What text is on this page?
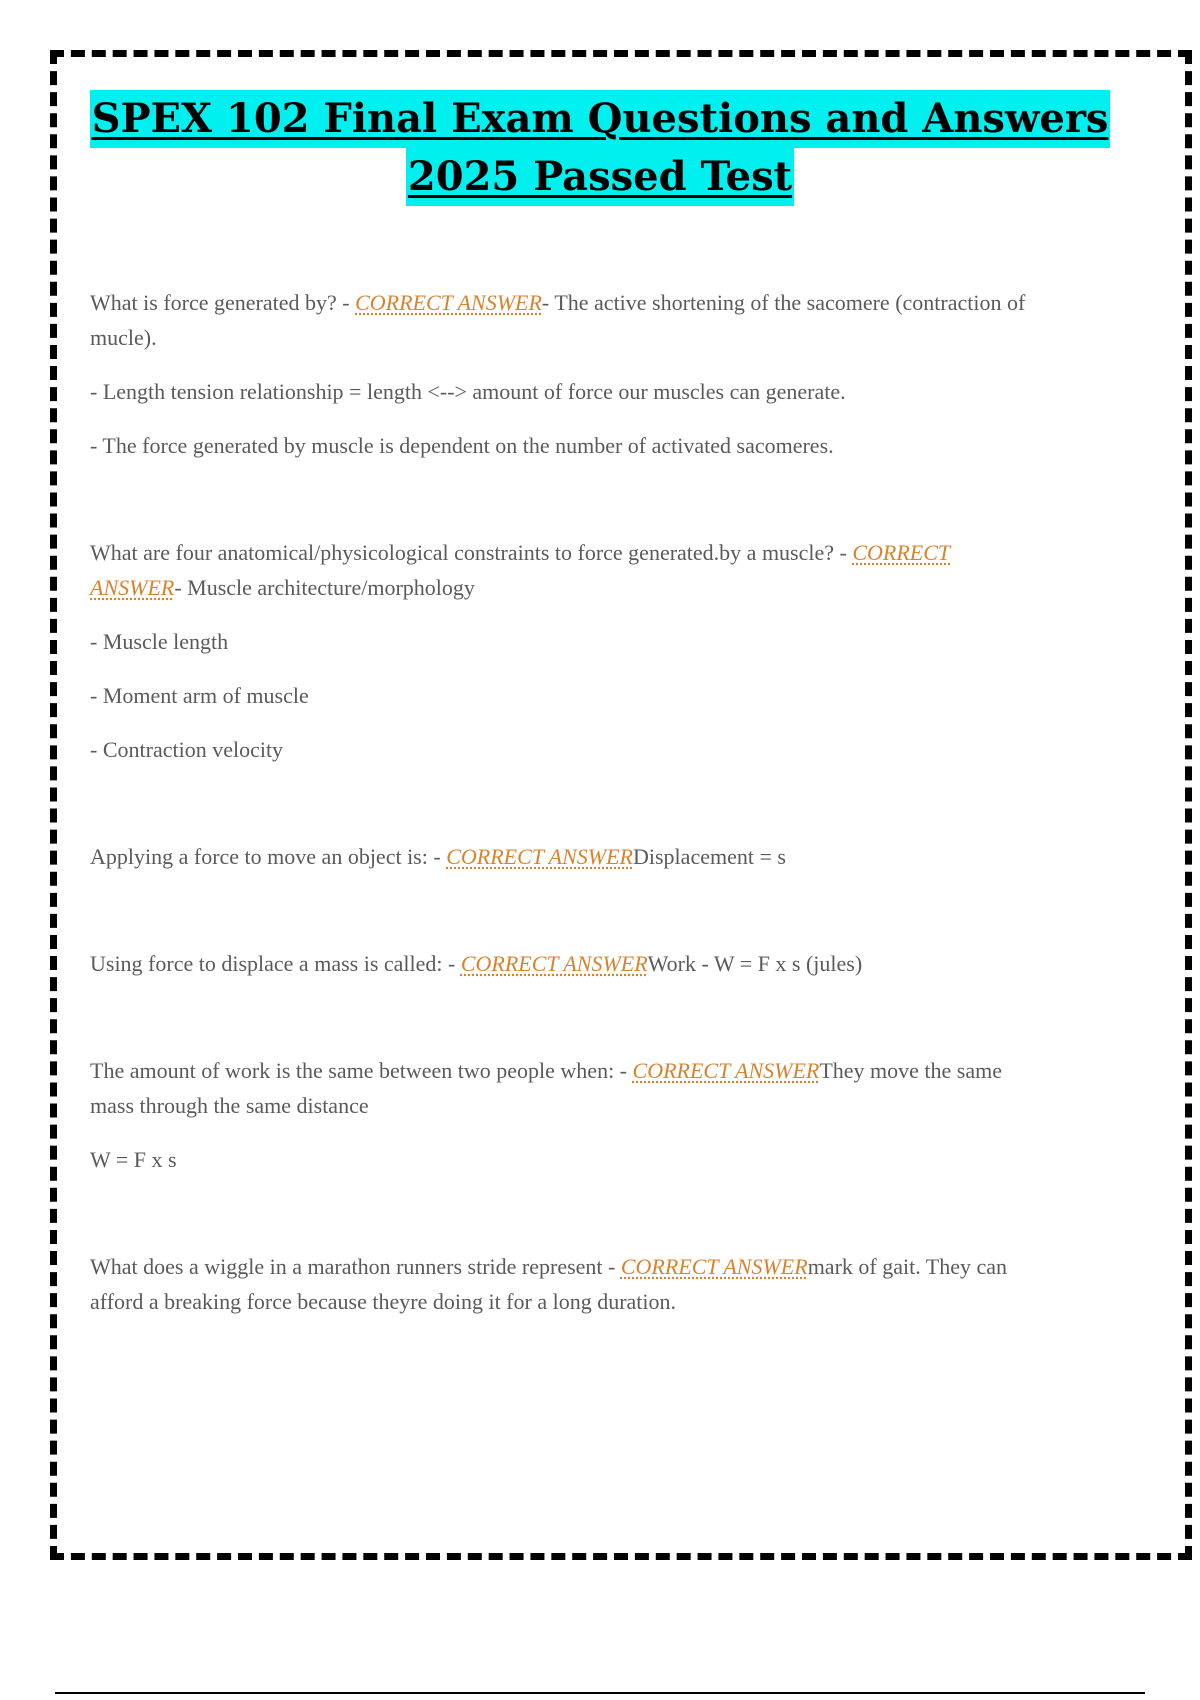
SPEX 102 Final Exam Questions and Answers
2025 Passed Test

What is force generated by? - CORRECT ANSWER- The active shortening of the sacomere (contraction of mucle).

- Length tension relationship = length <--> amount of force our muscles can generate.

- The force generated by muscle is dependent on the number of activated sacomeres.

What are four anatomical/physicological constraints to force generated.by a muscle? - CORRECT ANSWER- Muscle architecture/morphology

- Muscle length

- Moment arm of muscle

- Contraction velocity

Applying a force to move an object is: - CORRECT ANSWERDisplacement = s

Using force to displace a mass is called: - CORRECT ANSWERWork - W = F x s (jules)

The amount of work is the same between two people when: - CORRECT ANSWERThey move the same mass through the same distance

W = F x s

What does a wiggle in a marathon runners stride represent - CORRECT ANSWERmark of gait. They can afford a breaking force because theyre doing it for a long duration.
